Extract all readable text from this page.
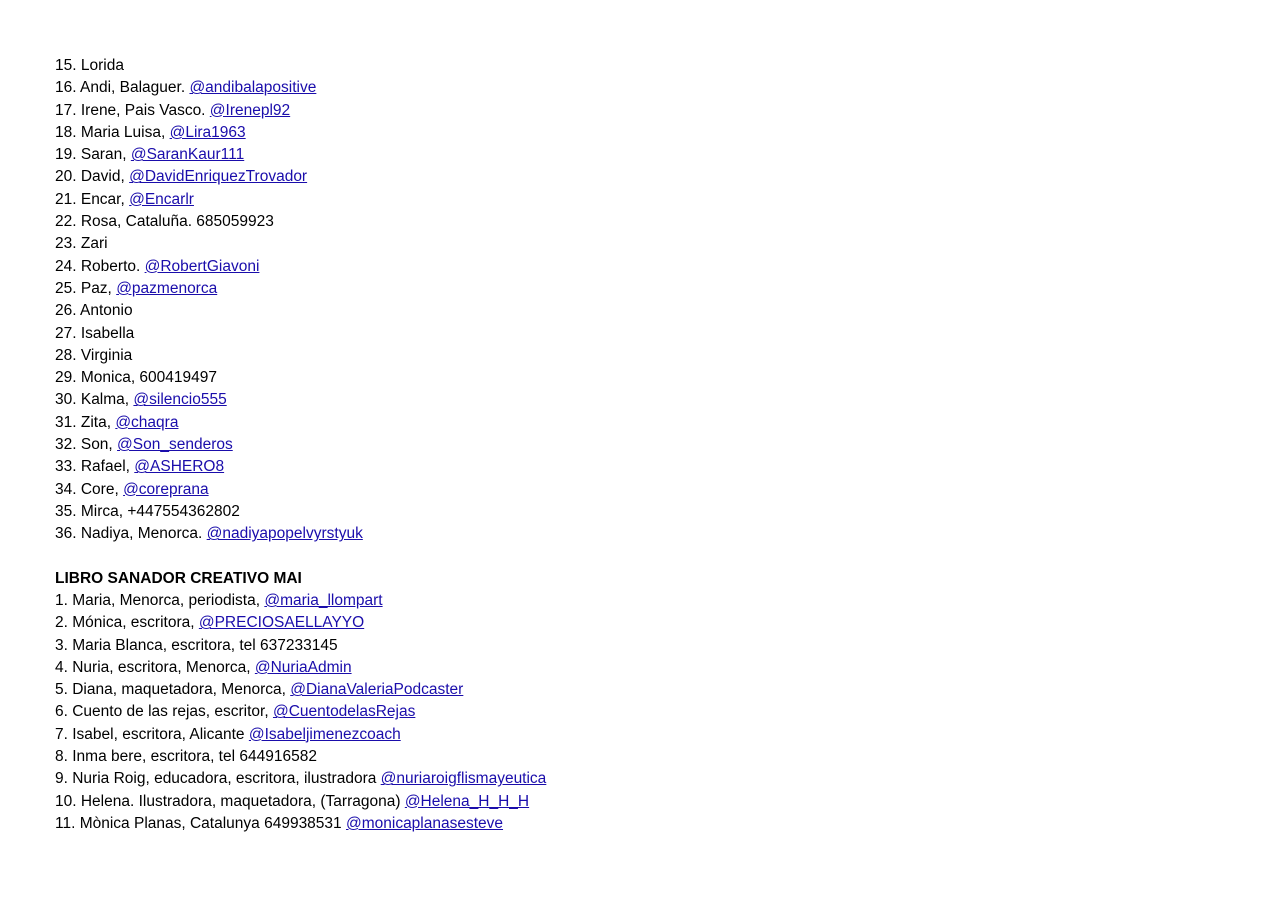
15. Lorida
16. Andi, Balaguer. @andibalapositive
17. Irene, Pais Vasco. @Irenepl92
18. Maria Luisa, @Lira1963
19. Saran, @SaranKaur111
20. David, @DavidEnriquezTrovador
21. Encar, @Encarlr
22. Rosa, Cataluña. 685059923
23. Zari
24. Roberto. @RobertGiavoni
25. Paz, @pazmenorca
26. Antonio
27. Isabella
28. Virginia
29. Monica, 600419497
30. Kalma, @silencio555
31. Zita, @chaqra
32. Son, @Son_senderos
33. Rafael, @ASHERO8
34. Core, @coreprana
35. Mirca, +447554362802
36. Nadiya, Menorca. @nadiyapopelvyrstyuk
LIBRO SANADOR CREATIVO MAI
1. Maria, Menorca, periodista, @maria_llompart
2. Mónica, escritora, @PRECIOSAELLAYYO
3. Maria Blanca, escritora, tel 637233145
4. Nuria, escritora, Menorca, @NuriaAdmin
5. Diana, maquetadora, Menorca, @DianaValeriaPodcaster
6. Cuento de las rejas, escritor, @CuentodelasRejas
7. Isabel, escritora, Alicante @Isabeljimenezcoach
8. Inma bere, escritora, tel 644916582
9. Nuria Roig, educadora, escritora, ilustradora @nuriaroigflismayeutica
10. Helena. Ilustradora, maquetadora, (Tarragona) @Helena_H_H_H
11. Mònica Planas, Catalunya 649938531 @monicaplanasesteve
